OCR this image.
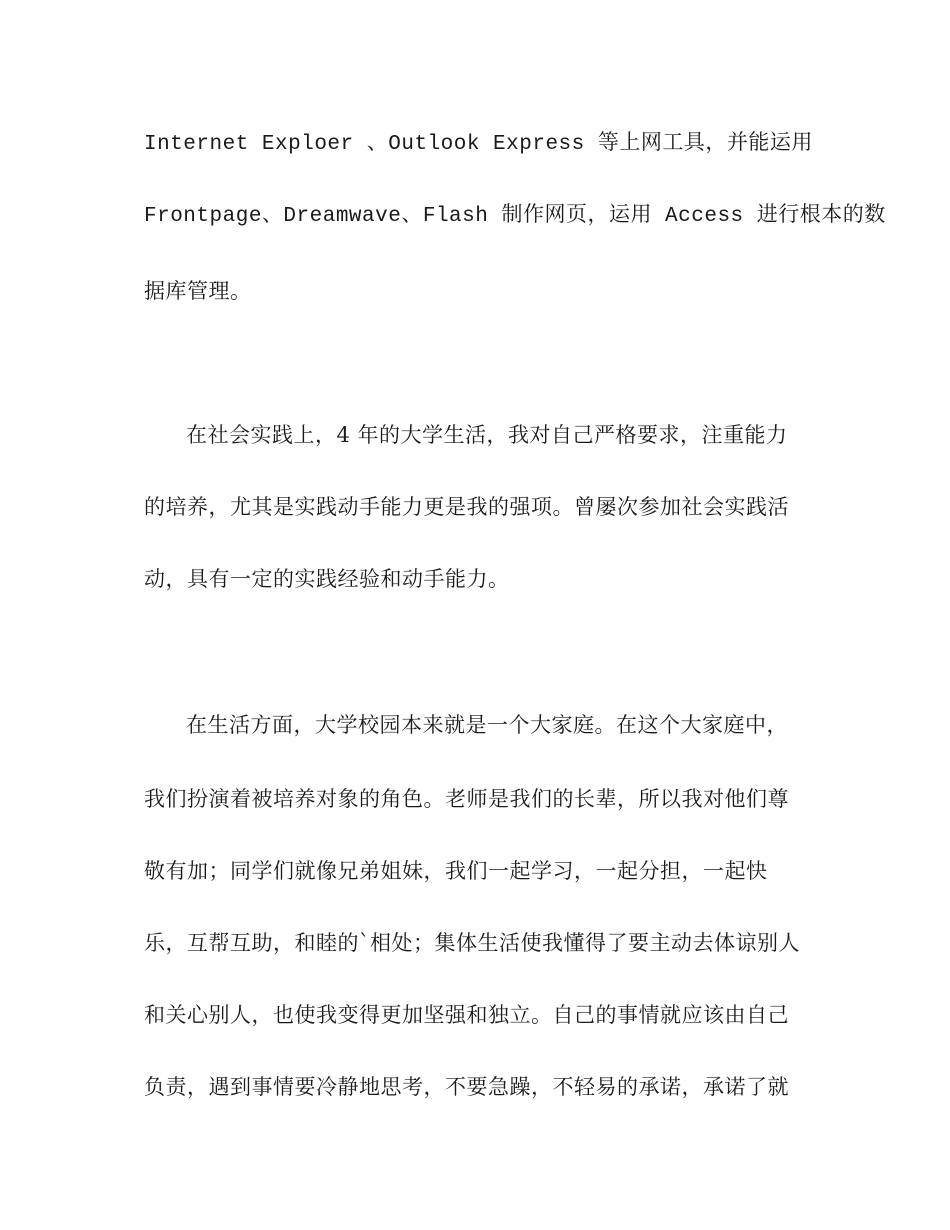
Internet Exploer 、Outlook Express 等上网工具，并能运用

Frontpage、Dreamwave、Flash 制作网页，运用 Access 进行根本的数

据库管理。

在社会实践上，4 年的大学生活，我对自己严格要求，注重能力

的培养，尤其是实践动手能力更是我的强项。曾屡次参加社会实践活

动，具有一定的实践经验和动手能力。

在生活方面，大学校园本来就是一个大家庭。在这个大家庭中，

我们扮演着被培养对象的角色。老师是我们的长辈，所以我对他们尊

敬有加；同学们就像兄弟姐妹，我们一起学习，一起分担，一起快

乐，互帮互助，和睦的`相处；集体生活使我懂得了要主动去体谅别人

和关心别人，也使我变得更加坚强和独立。自己的事情就应该由自己

负责，遇到事情要冷静地思考，不要急躁，不轻易的承诺，承诺了就
